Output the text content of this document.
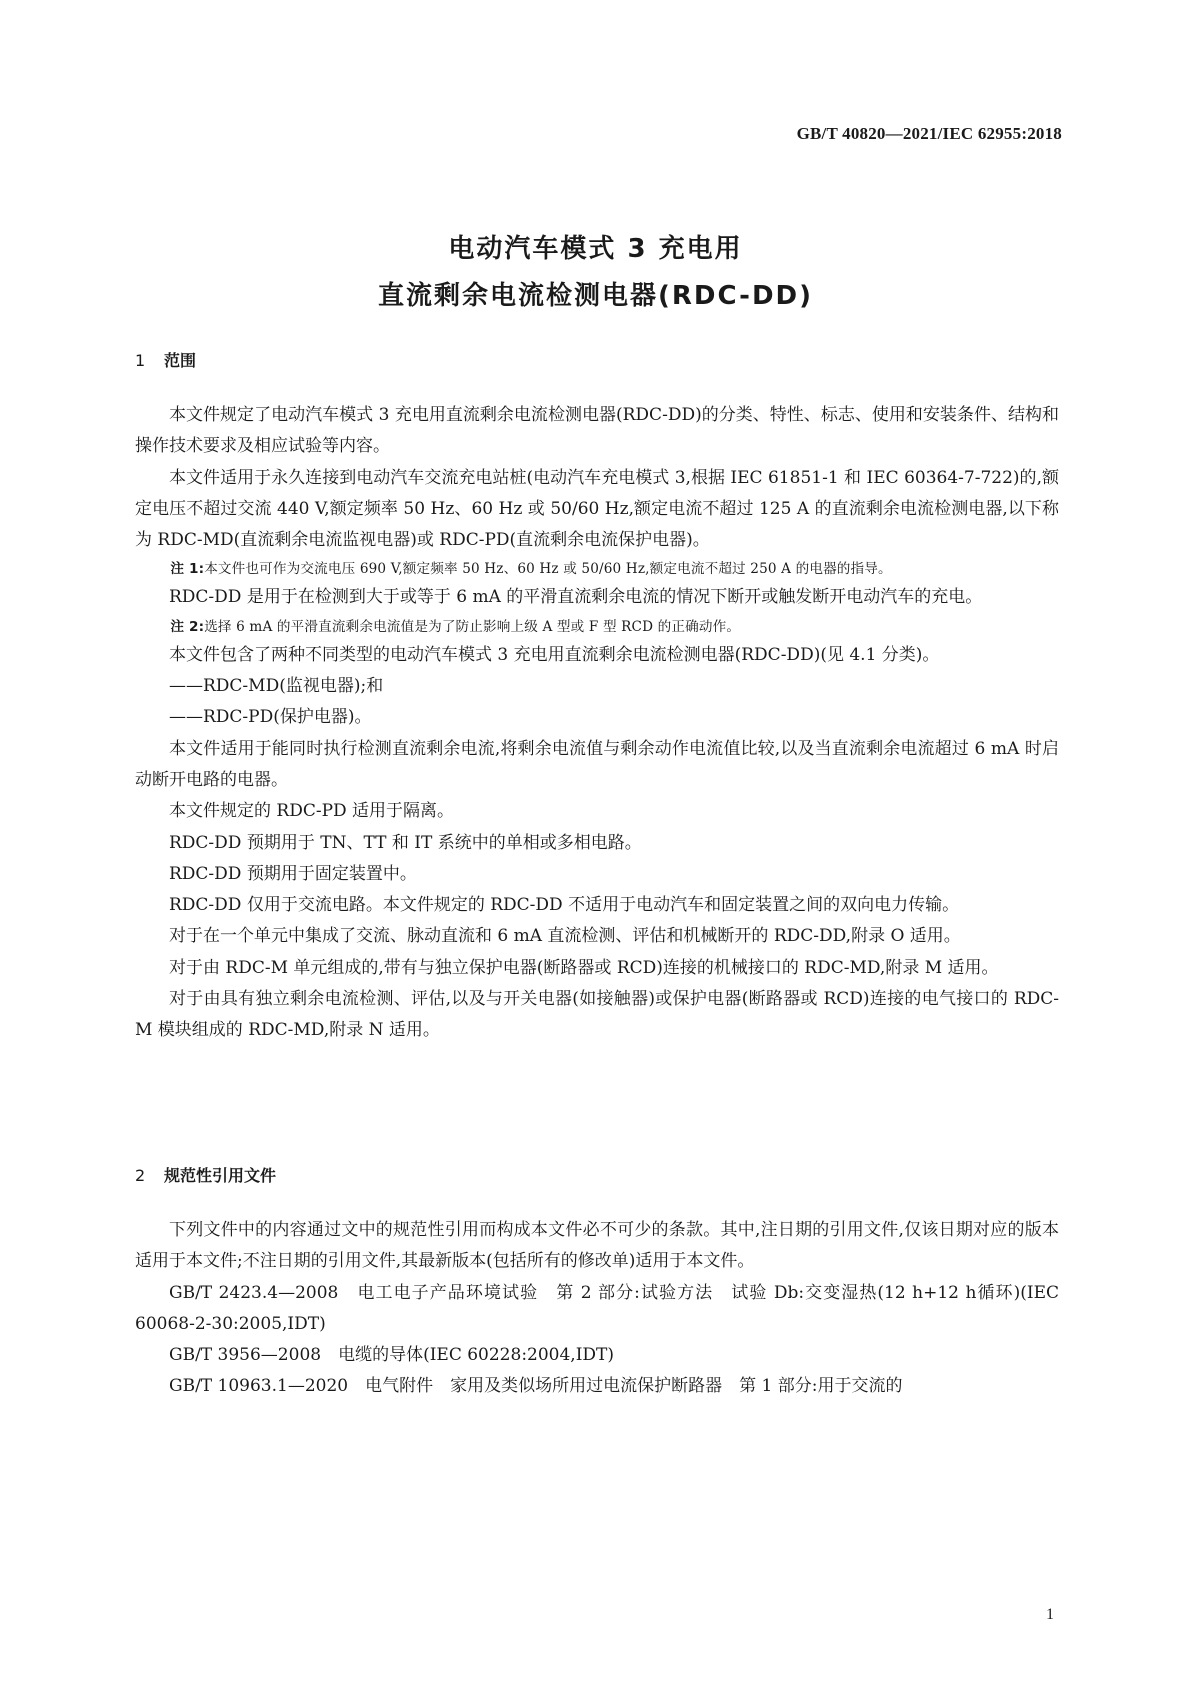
GB/T 40820—2021/IEC 62955:2018
电动汽车模式 3 充电用
直流剩余电流检测电器(RDC-DD)
1 范围

本文件规定了电动汽车模式 3 充电用直流剩余电流检测电器(RDC-DD)的分类、特性、标志、使用和安装条件、结构和操作技术要求及相应试验等内容。

本文件适用于永久连接到电动汽车交流充电站桩(电动汽车充电模式 3,根据 IEC 61851-1 和 IEC 60364-7-722)的,额定电压不超过交流 440 V,额定频率 50 Hz、60 Hz 或 50/60 Hz,额定电流不超过 125 A 的直流剩余电流检测电器,以下称为 RDC-MD(直流剩余电流监视电器)或 RDC-PD(直流剩余电流保护电器)。

注 1:本文件也可作为交流电压 690 V,额定频率 50 Hz、60 Hz 或 50/60 Hz,额定电流不超过 250 A 的电器的指导。

RDC-DD 是用于在检测到大于或等于 6 mA 的平滑直流剩余电流的情况下断开或触发断开电动汽车的充电。

注 2:选择 6 mA 的平滑直流剩余电流值是为了防止影响上级 A 型或 F 型 RCD 的正确动作。

本文件包含了两种不同类型的电动汽车模式 3 充电用直流剩余电流检测电器(RDC-DD)(见 4.1 分类)。

——RDC-MD(监视电器);和

——RDC-PD(保护电器)。

本文件适用于能同时执行检测直流剩余电流,将剩余电流值与剩余动作电流值比较,以及当直流剩余电流超过 6 mA 时启动断开电路的电器。

本文件规定的 RDC-PD 适用于隔离。

RDC-DD 预期用于 TN、TT 和 IT 系统中的单相或多相电路。

RDC-DD 预期用于固定装置中。

RDC-DD 仅用于交流电路。本文件规定的 RDC-DD 不适用于电动汽车和固定装置之间的双向电力传输。

对于在一个单元中集成了交流、脉动直流和 6 mA 直流检测、评估和机械断开的 RDC-DD,附录 O 适用。

对于由 RDC-M 单元组成的,带有与独立保护电器(断路器或 RCD)连接的机械接口的 RDC-MD,附录 M 适用。

对于由具有独立剩余电流检测、评估,以及与开关电器(如接触器)或保护电器(断路器或 RCD)连接的电气接口的 RDC-M 模块组成的 RDC-MD,附录 N 适用。

2 规范性引用文件

下列文件中的内容通过文中的规范性引用而构成本文件必不可少的条款。其中,注日期的引用文件,仅该日期对应的版本适用于本文件;不注日期的引用文件,其最新版本(包括所有的修改单)适用于本文件。

GB/T 2423.4—2008　电工电子产品环境试验　第 2 部分:试验方法　试验 Db:交变湿热(12 h+12 h循环)(IEC 60068-2-30:2005,IDT)

GB/T 3956—2008　电缆的导体(IEC 60228:2004,IDT)

GB/T 10963.1—2020　电气附件　家用及类似场所用过电流保护断路器　第 1 部分:用于交流的

1
